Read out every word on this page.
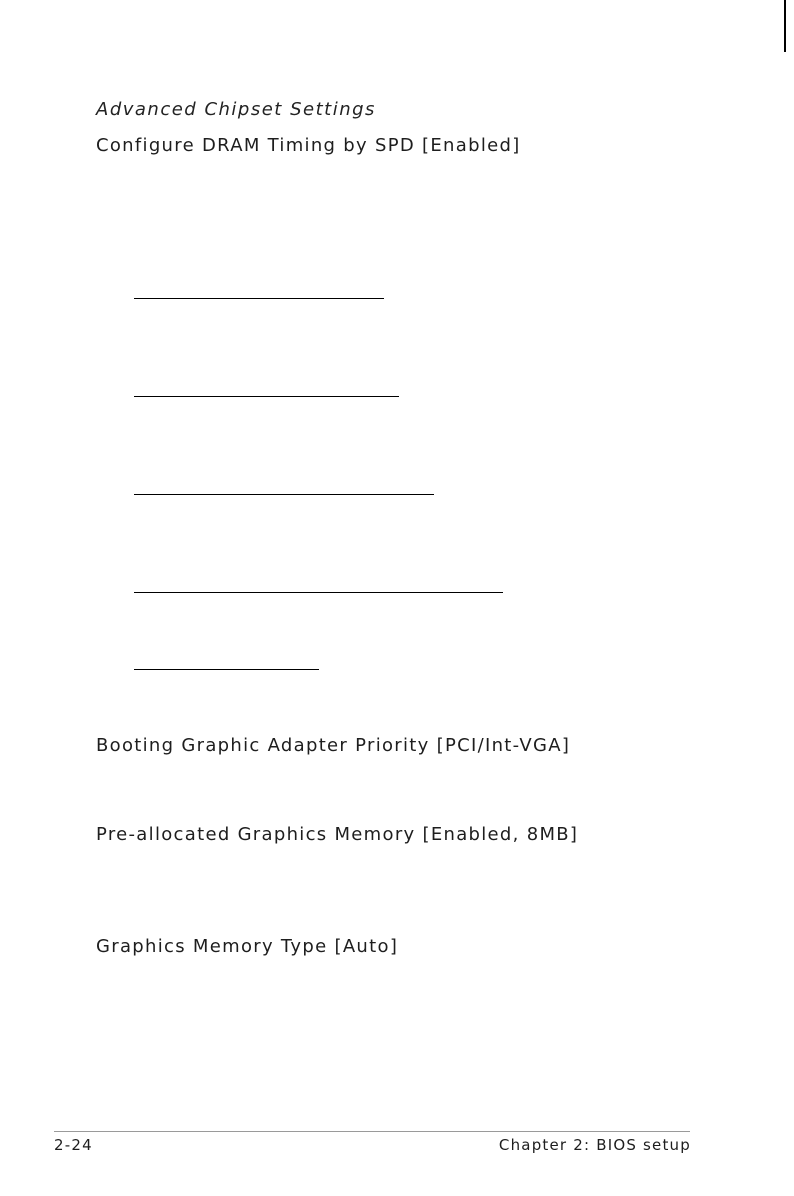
Advanced Chipset Settings
Configure DRAM Timing by SPD [Enabled]
Booting Graphic Adapter Priority [PCI/Int-VGA]
Pre-allocated Graphics Memory [Enabled, 8MB]
Graphics Memory Type [Auto]
2-24	Chapter 2: BIOS setup
